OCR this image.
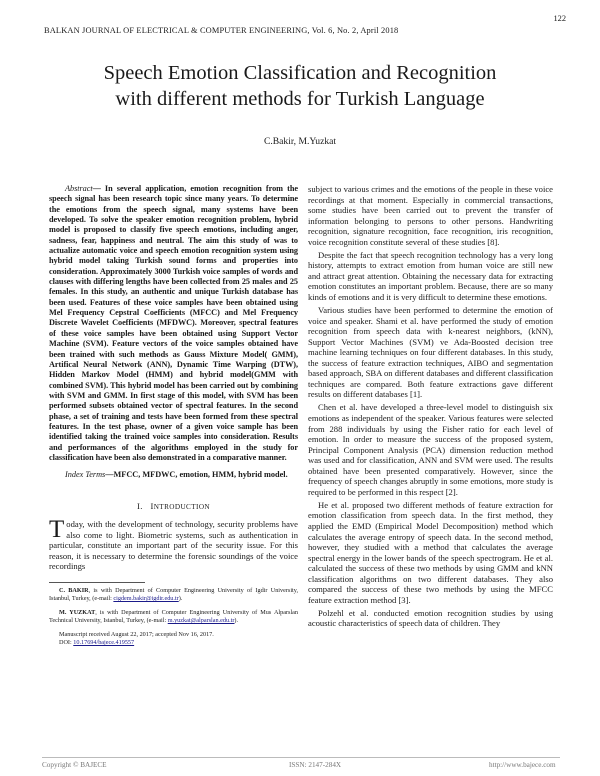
BALKAN JOURNAL OF ELECTRICAL & COMPUTER ENGINEERING, Vol. 6, No. 2, April 2018
122
Speech Emotion Classification and Recognition
with different methods for Turkish Language
C.Bakir, M.Yuzkat

Abstract— In several application, emotion recognition from the speech signal has been research topic since many years. To determine the emotions from the speech signal, many systems have been developed. To solve the speaker emotion recognition problem, hybrid model is proposed to classify five speech emotions, including anger, sadness, fear, happiness and neutral. The aim this study of was to actualize automatic voice and speech emotion recognition system using hybrid model taking Turkish sound forms and properties into consideration. Approximately 3000 Turkish voice samples of words and clauses with differing lengths have been collected from 25 males and 25 females. In this study, an authentic and unique Turkish database has been used. Features of these voice samples have been obtained using Mel Frequency Cepstral Coefficients (MFCC) and Mel Frequency Discrete Wavelet Coefficients (MFDWC). Moreover, spectral features of these voice samples have been obtained using Support Vector Machine (SVM). Feature vectors of the voice samples obtained have been trained with such methods as Gauss Mixture Model( GMM), Artifical Neural Network (ANN), Dynamic Time Warping (DTW), Hidden Markov Model (HMM) and hybrid model(GMM with combined SVM). This hybrid model has been carried out by combining with SVM and GMM. In first stage of this model, with SVM has been performed subsets obtained vector of spectral features. In the second phase, a set of training and tests have been formed from these spectral features. In the test phase, owner of a given voice sample has been identified taking the trained voice samples into consideration. Results and performances of the algorithms employed in the study for classification have been also demonstrated in a comparative manner.

Index Terms—MFCC, MFDWC, emotion, HMM, hybrid model.

I. INTRODUCTION

Today, with the development of technology, security problems have also come to light. Biometric systems, such as authentication in particular, constitute an important part of the security issue. For this reason, it is necessary to determine the forensic soundings of the voice recordings

C. BAKIR, is with Department of Computer Engineering University of Igdir University, Istanbul, Turkey, (e-mail: cigdem.bakir@igdir.edu.tr).

M. YUZKAT, is with Department of Computer Engineering University of Mus Alparslan Technical University, Istanbul, Turkey, (e-mail: m.yuzkat@alparslan.edu.tr).

Manuscript received August 22, 2017; accepted Nov 16, 2017.

DOI: 10.17694/bajece.419557

subject to various crimes and the emotions of the people in these voice recordings at that moment. Especially in commercial transactions, some studies have been carried out to prevent the transfer of information belonging to persons to other persons. Handwriting recognition, signature recognition, face recognition, iris recognition, voice recognition constitute several of these studies [8].

Despite the fact that speech recognition technology has a very long history, attempts to extract emotion from human voice are still new and attract great attention. Obtaining the necessary data for extracting emotion constitutes an important problem. Because, there are so many kinds of emotions and it is very difficult to determine these emotions.

Various studies have been performed to determine the emotion of voice and speaker. Shami et al. have performed the study of emotion recognition from speech data with k-nearest neighbors, (kNN), Support Vector Machines (SVM) ve Ada-Boosted decision tree machine learning techniques on four different databases. In this study, the success of feature extraction techniques, AIBO and segmentation based approach, SBA on different databases and different classification techniques are compared. Both feature extractions gave different results on different databases [1].

Chen et al. have developed a three-level model to distinguish six emotions as independent of the speaker. Various features were selected from 288 individuals by using the Fisher ratio for each level of emotion. In order to measure the success of the proposed system, Principal Component Analysis (PCA) dimension reduction method was used and for classification, ANN and SVM were used. The results obtained have been presented comparatively. However, since the frequency of speech changes abruptly in some emotions, more study is required to be performed in this respect [2].

He et al. proposed two different methods of feature extraction for emotion classification from speech data. In the first method, they applied the EMD (Empirical Model Decomposition) method which calculates the average entropy of speech data. In the second method, however, they studied with a method that calculates the average spectral energy in the lower bands of the speech spectrogram. He et al. calculated the success of these two methods by using GMM and kNN classification algorithms on two different databases. They also compared the success of these two methods by using the MFCC feature extraction method [3].

Polzehl et al. conducted emotion recognition studies by using acoustic characteristics of speech data of children. They

Copyright © BAJECE	ISSN: 2147-284X	http://www.bajece.com
